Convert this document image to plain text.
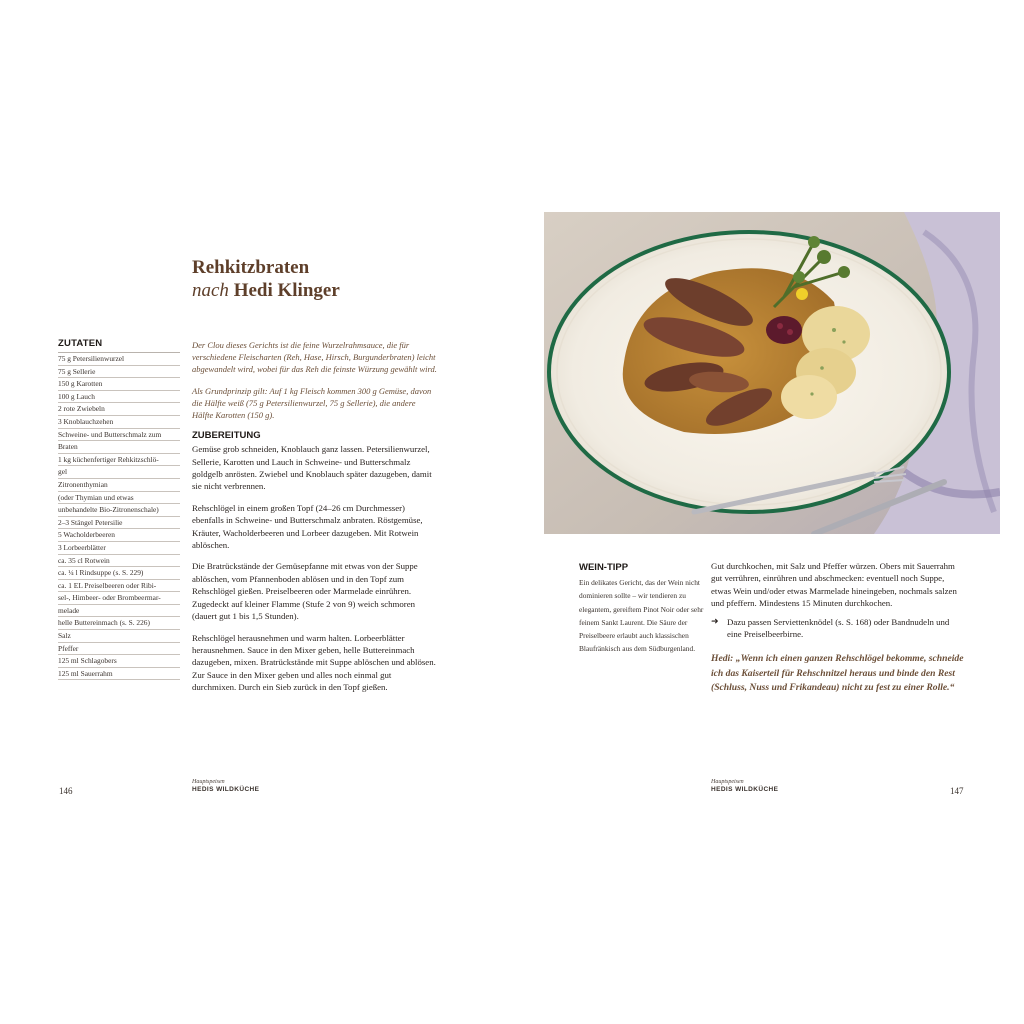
Rehkitzbraten
nach Hedi Klinger
ZUTATEN
75 g Petersilienwurzel
75 g Sellerie
150 g Karotten
100 g Lauch
2 rote Zwiebeln
3 Knoblauchzehen
Schweine- und Butterschmalz zum
Braten
1 kg küchenfertiger Rehkitzschlö-
gel
Zitronenthymian
(oder Thymian und etwas
unbehandelte Bio-Zitronenschale)
2–3 Stängel Petersilie
5 Wacholderbeeren
3 Lorbeerblätter
ca. 35 cl Rotwein
ca. ¼ l Rindsuppe (s. S. 229)
ca. 1 EL Preiselbeeren oder Ribi-
sel-, Himbeer- oder Brombeermar-
melade
helle Buttereinmach (s. S. 226)
Salz
Pfeffer
125 ml Schlagobers
125 ml Sauerrahm

Der Clou dieses Gerichts ist die feine Wurzelrahmsauce, die für verschiedene Fleischarten (Reh, Hase, Hirsch, Burgunderbraten) leicht abgewandelt wird, wobei für das Reh die feinste Würzung gewählt wird.

Als Grundprinzip gilt: Auf 1 kg Fleisch kommen 300 g Gemüse, davon die Hälfte weiß (75 g Petersilienwurzel, 75 g Sellerie), die andere Hälfte Karotten (150 g).

ZUBEREITUNG

Gemüse grob schneiden, Knoblauch ganz lassen. Petersilienwurzel, Sellerie, Karotten und Lauch in Schweine- und Butterschmalz goldgelb anrösten. Zwiebel und Knoblauch später dazugeben, damit sie nicht verbrennen.

Rehschlögel in einem großen Topf (24–26 cm Durchmesser) ebenfalls in Schweine- und Butterschmalz anbraten. Röstgemüse, Kräuter, Wacholderbeeren und Lorbeer dazugeben. Mit Rotwein ablöschen.

Die Bratrückstände der Gemüsepfanne mit etwas von der Suppe ablöschen, vom Pfannenboden ablösen und in den Topf zum Rehschlögel gießen. Preiselbeeren oder Marmelade einrühren. Zugedeckt auf kleiner Flamme (Stufe 2 von 9) weich schmoren (dauert gut 1 bis 1,5 Stunden).

Rehschlögel herausnehmen und warm halten. Lorbeerblätter herausnehmen. Sauce in den Mixer geben, helle Buttereinmach dazugeben, mixen. Bratrückstände mit Suppe ablöschen und ablösen. Zur Sauce in den Mixer geben und alles noch einmal gut durchmixen. Durch ein Sieb zurück in den Topf gießen.

Hauptspeisen
HEDIS WILDKÜCHE
146
WEIN-TIPP

Ein delikates Gericht, das der Wein nicht dominieren sollte – wir tendieren zu elegantem, gereiftem Pinot Noir oder sehr feinem Sankt Laurent. Die Säure der Preiselbeere erlaubt auch klassischen Blaufränkisch aus dem Südburgenland.

Gut durchkochen, mit Salz und Pfeffer würzen. Obers mit Sauerrahm gut verrühren, einrühren und abschmecken: eventuell noch Suppe, etwas Wein und/oder etwas Marmelade hineingeben, nochmals salzen und pfeffern. Mindestens 15 Minuten durchkochen.

➜ Dazu passen Serviettenknödel (s. S. 168) oder Bandnudeln und eine Preiselbeerbirne.

Hedi: „Wenn ich einen ganzen Rehschlögel bekomme, schneide ich das Kaiserteil für Rehschnitzel heraus und binde den Rest (Schluss, Nuss und Frikandeau) nicht zu fest zu einer Rolle.“

Hauptspeisen
HEDIS WILDKÜCHE	147
